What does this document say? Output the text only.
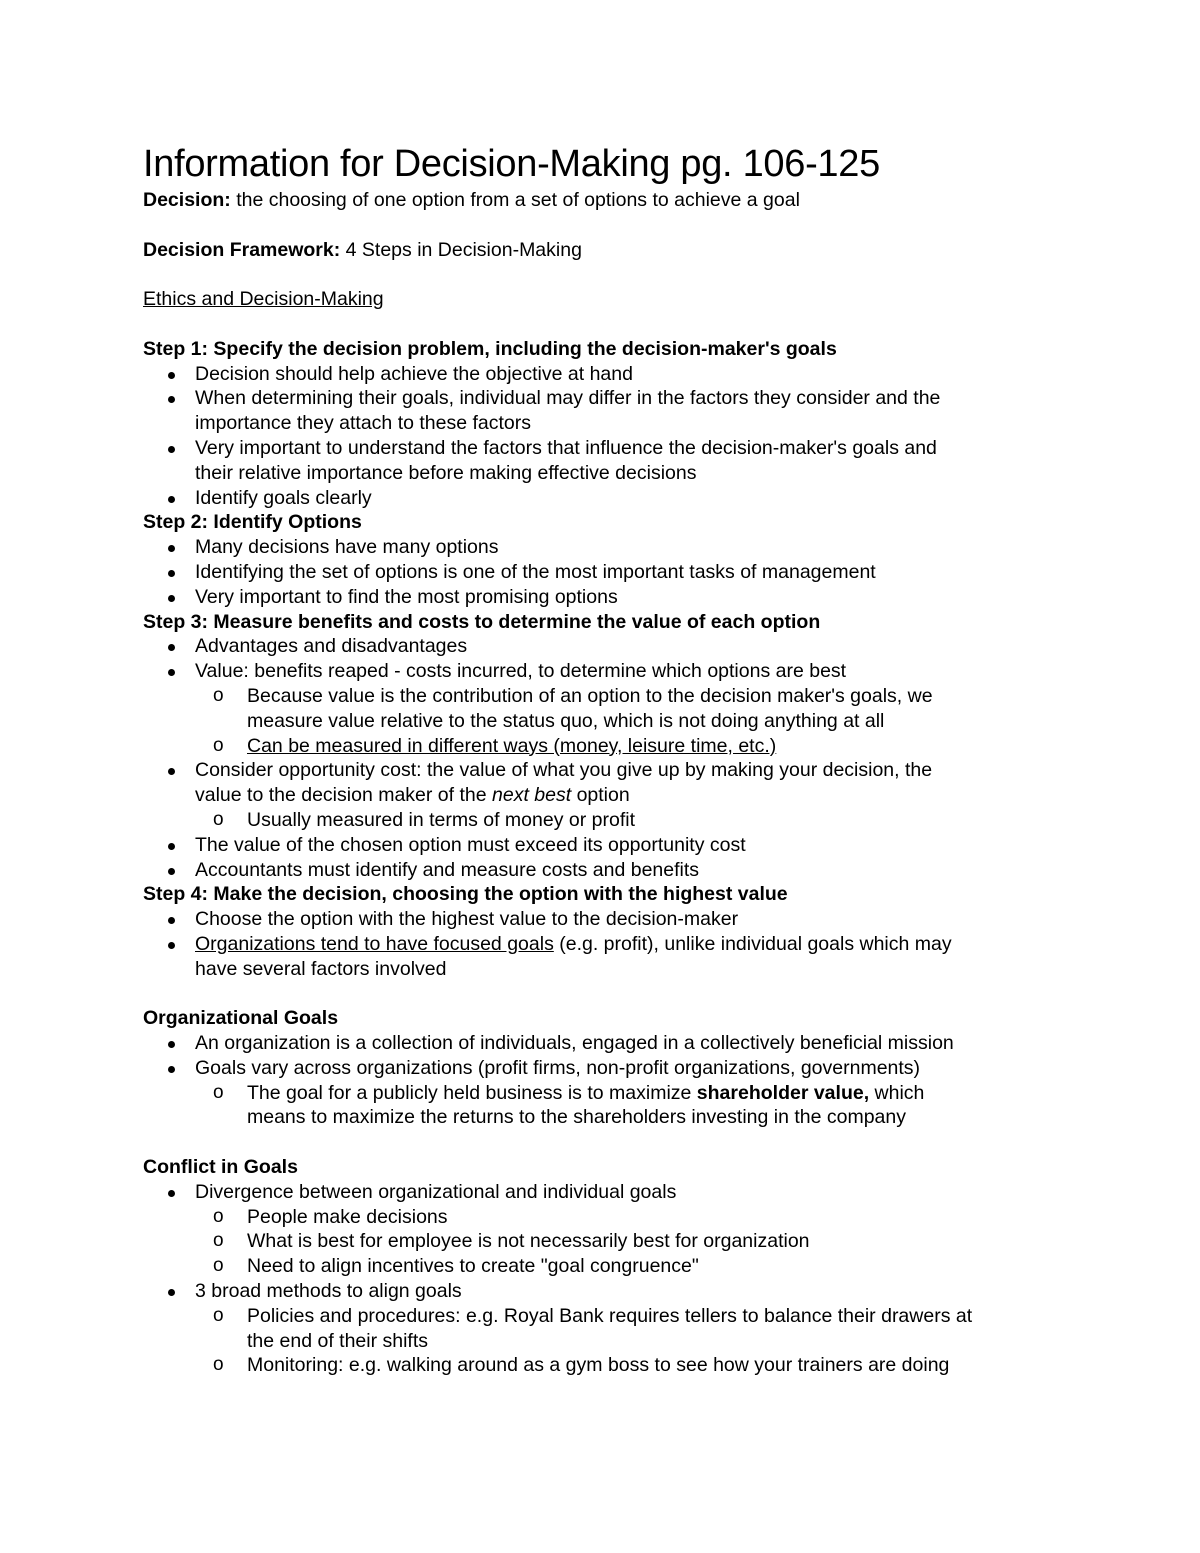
Information for Decision-Making pg. 106-125

Decision: the choosing of one option from a set of options to achieve a goal

Decision Framework: 4 Steps in Decision-Making

Ethics and Decision-Making

Step 1: Specify the decision problem, including the decision-maker's goals

Decision should help achieve the objective at hand
When determining their goals, individual may differ in the factors they consider and the
importance they attach to these factors
Very important to understand the factors that influence the decision-maker's goals and
their relative importance before making effective decisions
Identify goals clearly

Step 2: Identify Options

Many decisions have many options
Identifying the set of options is one of the most important tasks of management
Very important to find the most promising options

Step 3: Measure benefits and costs to determine the value of each option

Advantages and disadvantages
Value: benefits reaped - costs incurred, to determine which options are best
o Because value is the contribution of an option to the decision maker's goals, we
measure value relative to the status quo, which is not doing anything at all
o Can be measured in different ways (money, leisure time, etc.)
Consider opportunity cost: the value of what you give up by making your decision, the
value to the decision maker of the next best option
o Usually measured in terms of money or profit
The value of the chosen option must exceed its opportunity cost
Accountants must identify and measure costs and benefits

Step 4: Make the decision, choosing the option with the highest value

Choose the option with the highest value to the decision-maker
Organizations tend to have focused goals (e.g. profit), unlike individual goals which may
have several factors involved

Organizational Goals

An organization is a collection of individuals, engaged in a collectively beneficial mission
Goals vary across organizations (profit firms, non-profit organizations, governments)
o The goal for a publicly held business is to maximize shareholder value, which
means to maximize the returns to the shareholders investing in the company

Conflict in Goals

Divergence between organizational and individual goals
o People make decisions
o What is best for employee is not necessarily best for organization
o Need to align incentives to create "goal congruence"
3 broad methods to align goals
o Policies and procedures: e.g. Royal Bank requires tellers to balance their drawers at
the end of their shifts
o Monitoring: e.g. walking around as a gym boss to see how your trainers are doing
